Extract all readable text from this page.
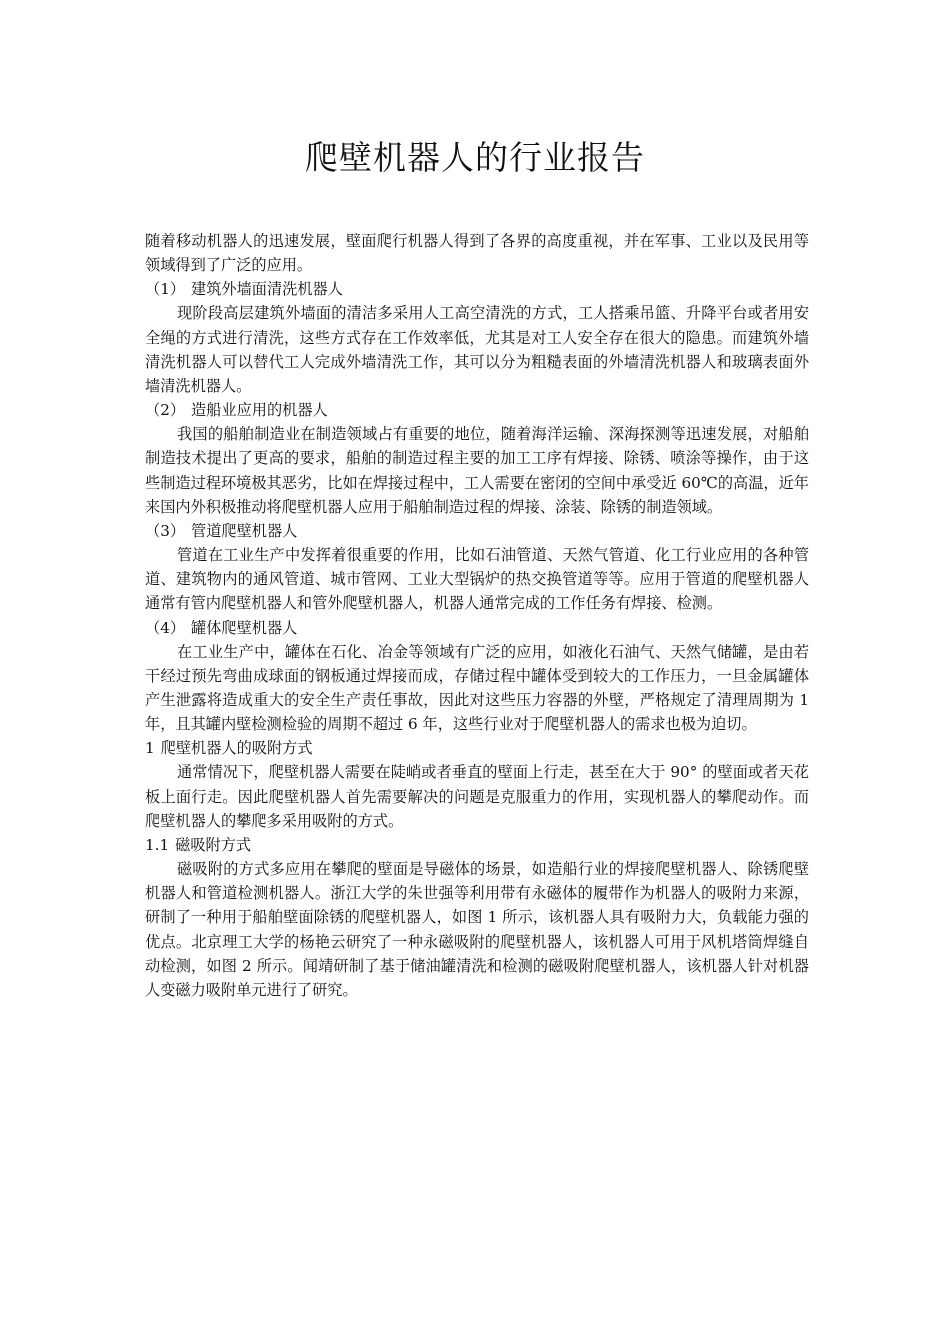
爬壁机器人的行业报告

随着移动机器人的迅速发展，壁面爬行机器人得到了各界的高度重视，并在军事、工业以及民用等领域得到了广泛的应用。

（1） 建筑外墙面清洗机器人

现阶段高层建筑外墙面的清洁多采用人工高空清洗的方式，工人搭乘吊篮、升降平台或者用安全绳的方式进行清洗，这些方式存在工作效率低，尤其是对工人安全存在很大的隐患。而建筑外墙清洗机器人可以替代工人完成外墙清洗工作，其可以分为粗糙表面的外墙清洗机器人和玻璃表面外墙清洗机器人。

（2） 造船业应用的机器人

我国的船舶制造业在制造领域占有重要的地位，随着海洋运输、深海探测等迅速发展，对船舶制造技术提出了更高的要求，船舶的制造过程主要的加工工序有焊接、除锈、喷涂等操作，由于这些制造过程环境极其恶劣，比如在焊接过程中，工人需要在密闭的空间中承受近 60℃的高温，近年来国内外积极推动将爬壁机器人应用于船舶制造过程的焊接、涂装、除锈的制造领域。

（3） 管道爬壁机器人

管道在工业生产中发挥着很重要的作用，比如石油管道、天然气管道、化工行业应用的各种管道、建筑物内的通风管道、城市管网、工业大型锅炉的热交换管道等等。应用于管道的爬壁机器人通常有管内爬壁机器人和管外爬壁机器人，机器人通常完成的工作任务有焊接、检测。

（4） 罐体爬壁机器人

在工业生产中，罐体在石化、冶金等领域有广泛的应用，如液化石油气、天然气储罐，是由若干经过预先弯曲成球面的钢板通过焊接而成，存储过程中罐体受到较大的工作压力，一旦金属罐体产生泄露将造成重大的安全生产责任事故，因此对这些压力容器的外壁，严格规定了清理周期为 1 年，且其罐内壁检测检验的周期不超过 6 年，这些行业对于爬壁机器人的需求也极为迫切。

1 爬壁机器人的吸附方式

通常情况下，爬壁机器人需要在陡峭或者垂直的壁面上行走，甚至在大于 90° 的壁面或者天花板上面行走。因此爬壁机器人首先需要解决的问题是克服重力的作用，实现机器人的攀爬动作。而爬壁机器人的攀爬多采用吸附的方式。

1.1 磁吸附方式

磁吸附的方式多应用在攀爬的壁面是导磁体的场景，如造船行业的焊接爬壁机器人、除锈爬壁机器人和管道检测机器人。浙江大学的朱世强等利用带有永磁体的履带作为机器人的吸附力来源，研制了一种用于船舶壁面除锈的爬壁机器人，如图 1 所示，该机器人具有吸附力大，负载能力强的优点。北京理工大学的杨艳云研究了一种永磁吸附的爬壁机器人，该机器人可用于风机塔筒焊缝自动检测，如图 2 所示。闻靖研制了基于储油罐清洗和检测的磁吸附爬壁机器人，该机器人针对机器人变磁力吸附单元进行了研究。
